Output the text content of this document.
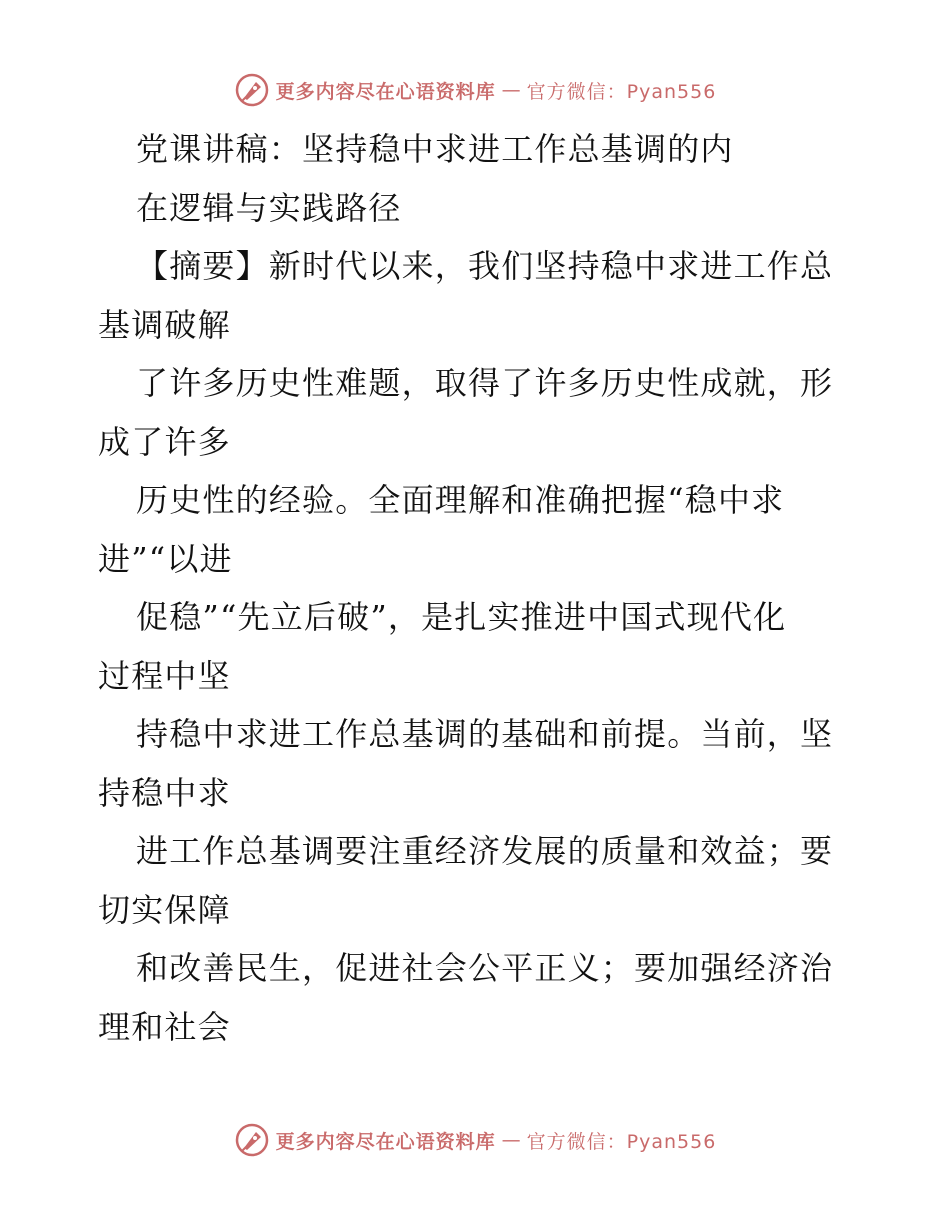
更多内容尽在心语资料库 — 官方微信：Pyan556
党课讲稿：坚持稳中求进工作总基调的内
在逻辑与实践路径
【摘要】新时代以来，我们坚持稳中求进工作总
基调破解
了许多历史性难题，取得了许多历史性成就，形
成了许多
历史性的经验。全面理解和准确把握“稳中求
进”“以进
促稳”“先立后破”，是扎实推进中国式现代化
过程中坚
持稳中求进工作总基调的基础和前提。当前，坚
持稳中求
进工作总基调要注重经济发展的质量和效益；要
切实保障
和改善民生，促进社会公平正义；要加强经济治
理和社会
更多内容尽在心语资料库 — 官方微信：Pyan556
